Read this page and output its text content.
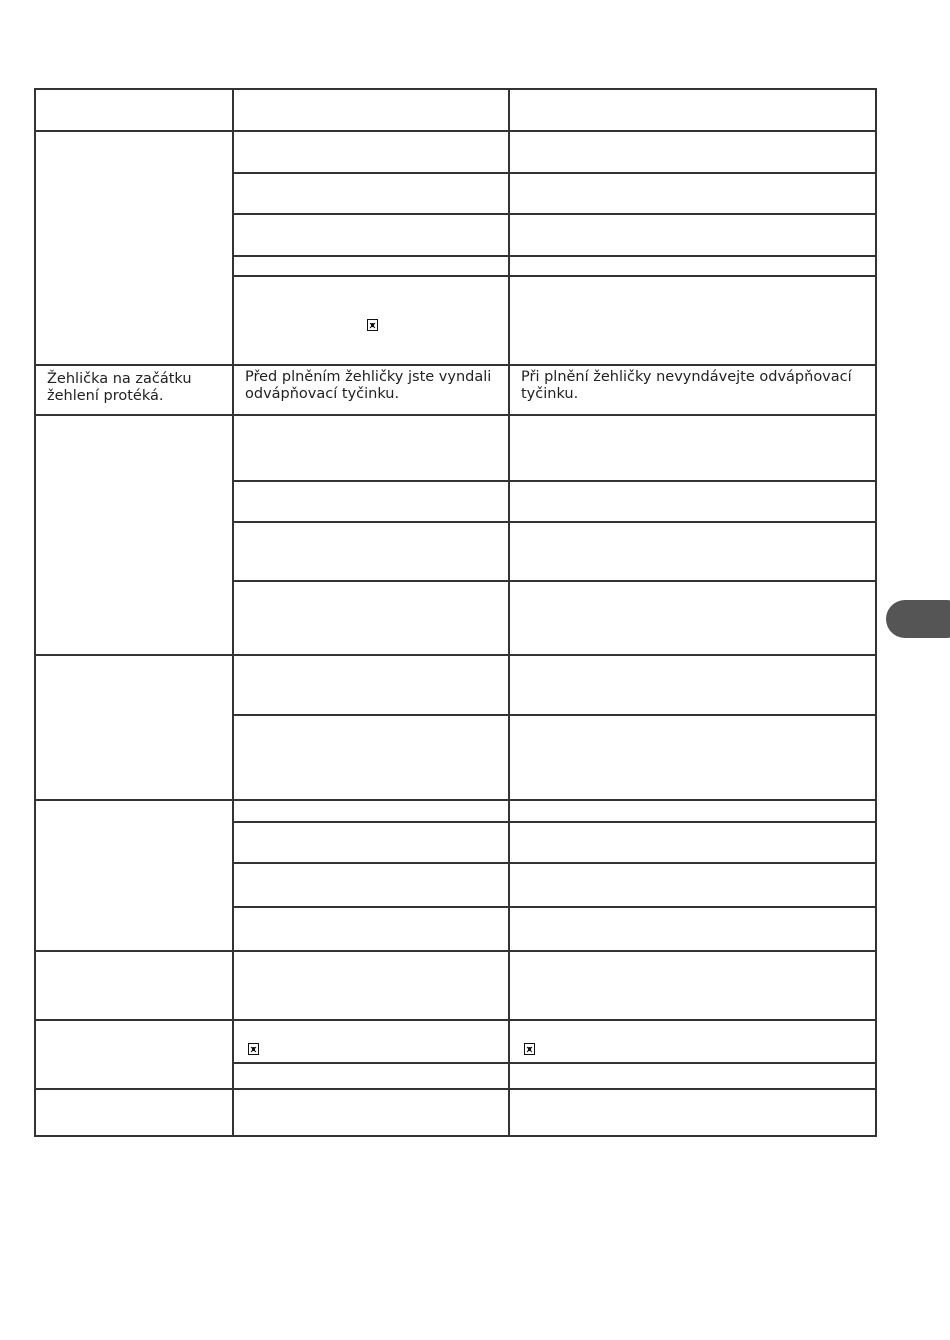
Žehlička na začátku
žehlení protéká.
Před plněním žehličky jste vyndali
odvápňovací tyčinku.
Při plnění žehličky nevyndávejte odvápňovací
tyčinku.
